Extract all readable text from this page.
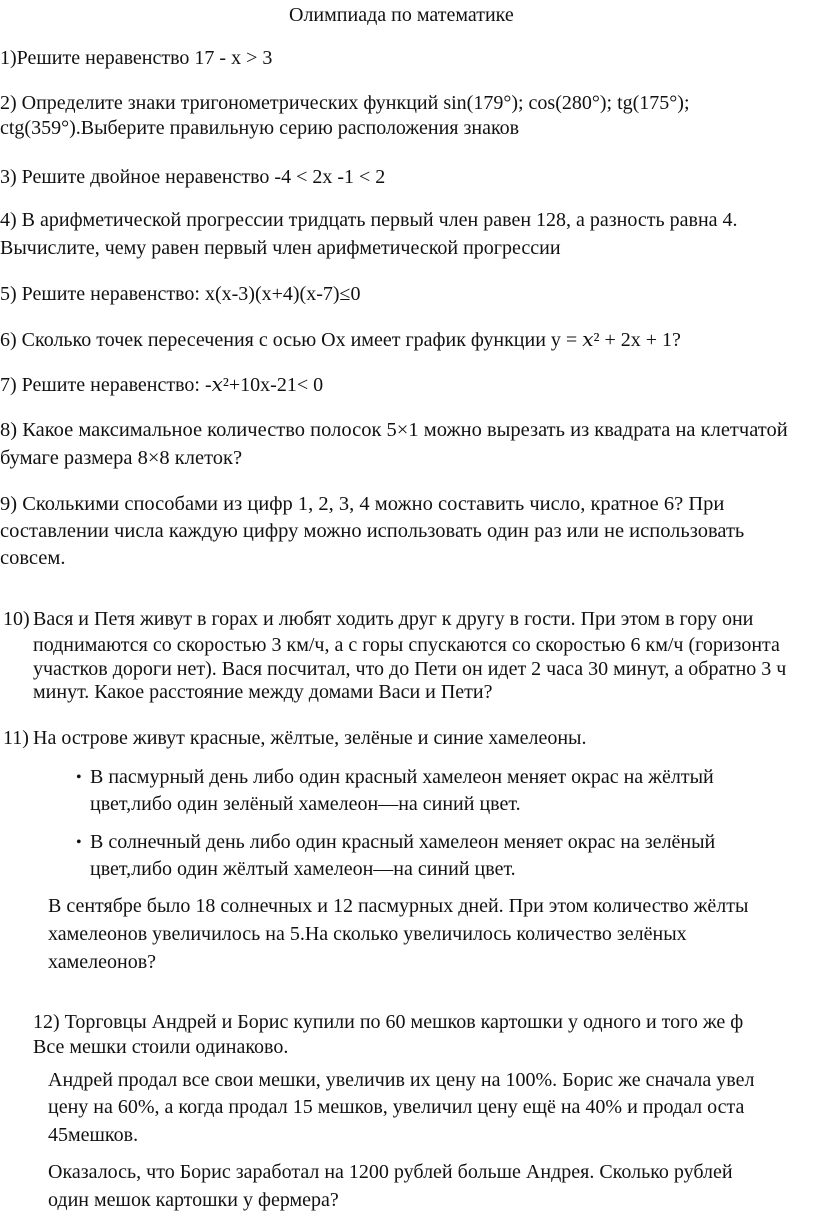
Олимпиада по математике
•
•
1)Решите неравенство 17 - x > 3
2) Определите знаки тригонометрических функций sin(179°); cos(280°); tg(175°);
ctg(359°).Выберите правильную серию расположения знаков
3) Решите двойное неравенство -4 < 2x -1 < 2
4) В арифметической прогрессии тридцать первый член равен 128, а разность равна 4.
Вычислите, чему равен первый член арифметической прогрессии
5) Решите неравенство: x(x-3)(x+4)(x-7)≤0
6) Сколько точек пересечения с осью Ox имеет график функции y = 𝑥² + 2x + 1?
7) Решите неравенство: -𝑥²+10x-21< 0
8) Какое максимальное количество полосок 5×1 можно вырезать из квадрата на клетчатой
бумаге размера 8×8 клеток?
9) Сколькими способами из цифр 1, 2, 3, 4 можно составить число, кратное 6? При
составлении числа каждую цифру можно использовать один раз или не использовать
совсем.
10) Вася и Петя живут в горах и любят ходить друг к другу в гости. При этом в гору они
поднимаются со скоростью 3 км/ч, а с горы спускаются со скоростью 6 км/ч (горизонта
участков дороги нет). Вася посчитал, что до Пети он идет 2 часа 30 минут, а обратно 3 ч
минут. Какое расстояние между домами Васи и Пети?
11) На острове живут красные, жёлтые, зелёные и синие хамелеоны.
В пасмурный день либо один красный хамелеон меняет окрас на жёлтый
цвет,либо один зелёный хамелеон—на синий цвет.
В солнечный день либо один красный хамелеон меняет окрас на зелёный
цвет,либо один жёлтый хамелеон—на синий цвет.
В сентябре было 18 солнечных и 12 пасмурных дней. При этом количество жёлты
хамелеонов увеличилось на 5.На сколько увеличилось количество зелёных
хамелеонов?
12) Торговцы Андрей и Борис купили по 60 мешков картошки у одного и того же ф
Все мешки стоили одинаково.
Андрей продал все свои мешки, увеличив их цену на 100%. Борис же сначала увел
цену на 60%, а когда продал 15 мешков, увеличил цену ещё на 40% и продал оста
45мешков.
Оказалось, что Борис заработал на 1200 рублей больше Андрея. Сколько рублей
один мешок картошки у фермера?
